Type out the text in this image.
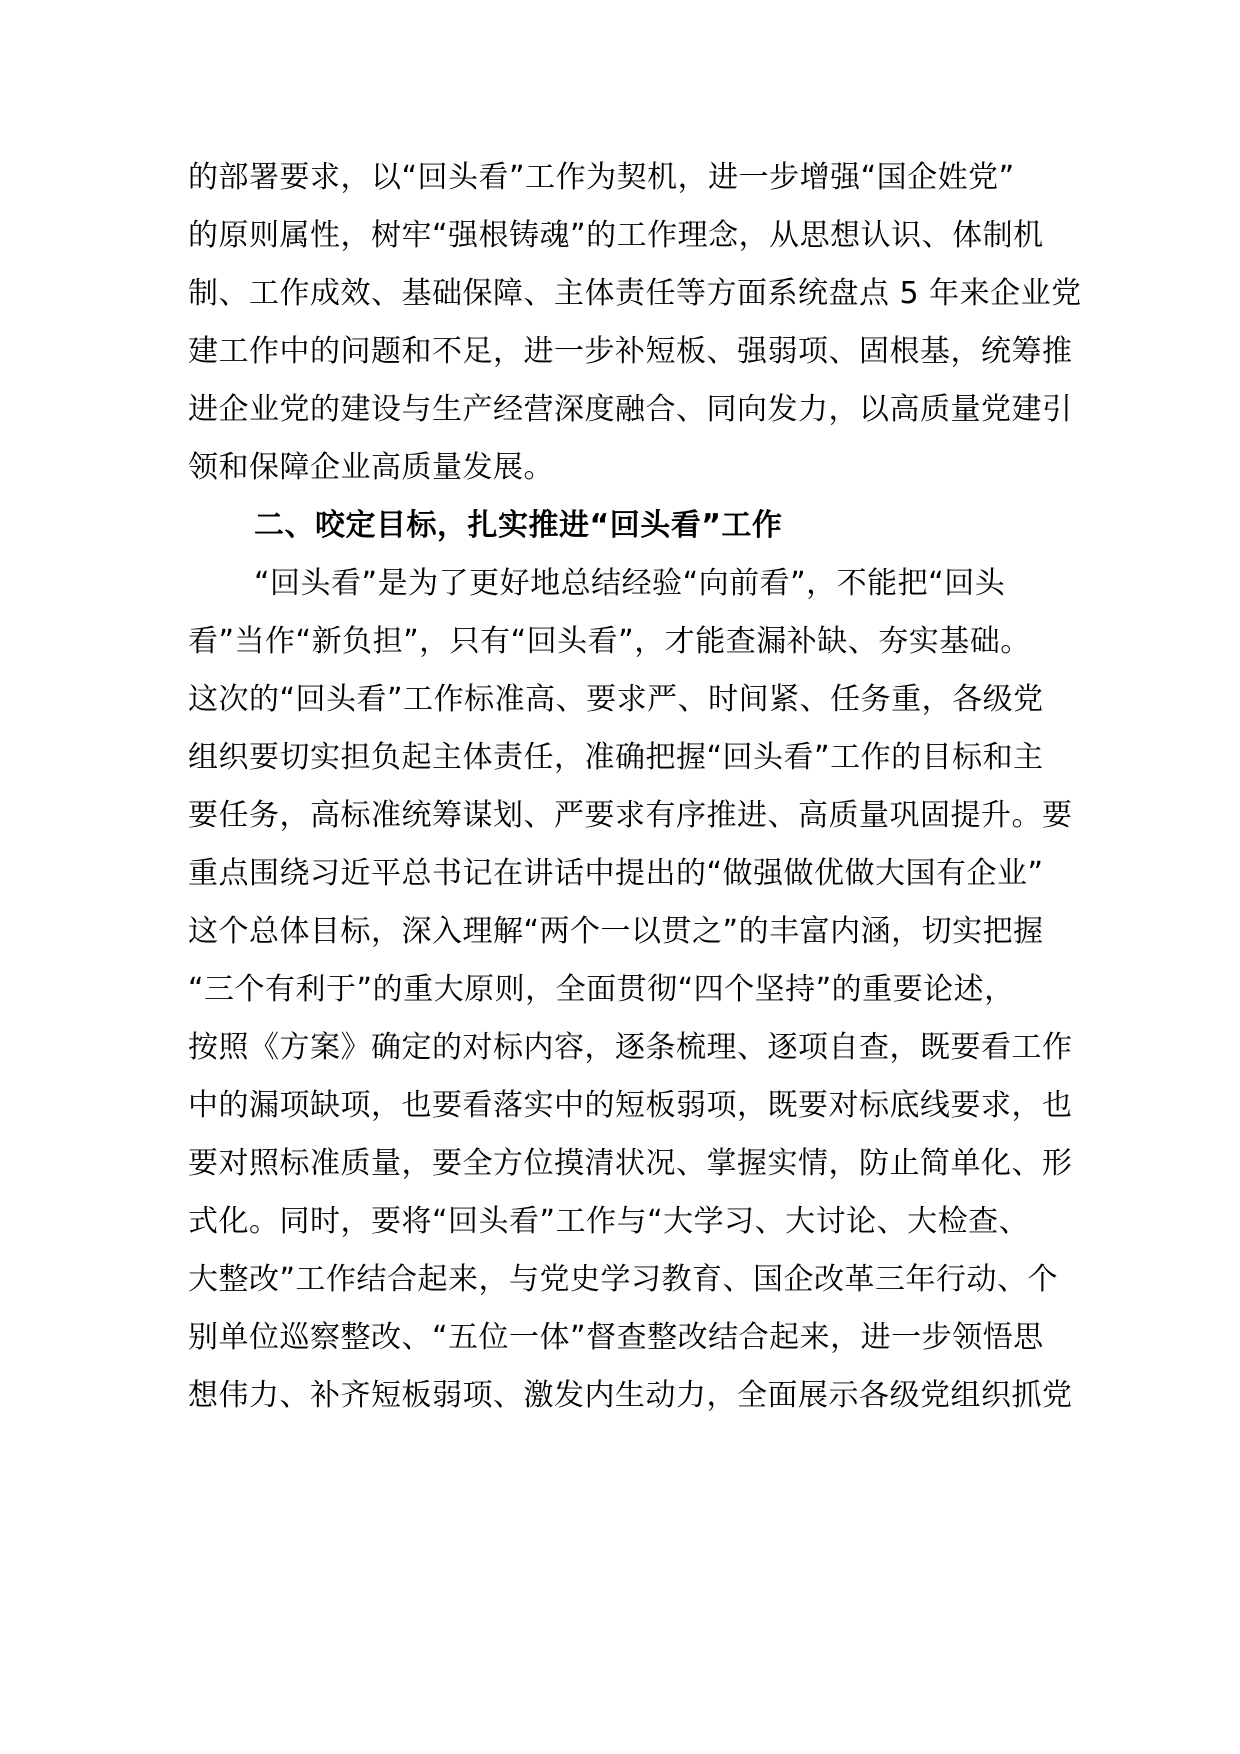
的部署要求，以“回头看”工作为契机，进一步增强“国企姓党”
的原则属性，树牢“强根铸魂”的工作理念，从思想认识、体制机
制、工作成效、基础保障、主体责任等方面系统盘点 5 年来企业党
建工作中的问题和不足，进一步补短板、强弱项、固根基，统筹推
进企业党的建设与生产经营深度融合、同向发力，以高质量党建引
领和保障企业高质量发展。
二、咬定目标，扎实推进“回头看”工作
“回头看”是为了更好地总结经验“向前看”，不能把“回头
看”当作“新负担”，只有“回头看”，才能查漏补缺、夯实基础。
这次的“回头看”工作标准高、要求严、时间紧、任务重，各级党
组织要切实担负起主体责任，准确把握“回头看”工作的目标和主
要任务，高标准统筹谋划、严要求有序推进、高质量巩固提升。要
重点围绕习近平总书记在讲话中提出的“做强做优做大国有企业”
这个总体目标，深入理解“两个一以贯之”的丰富内涵，切实把握
“三个有利于”的重大原则，全面贯彻“四个坚持”的重要论述，
按照《方案》确定的对标内容，逐条梳理、逐项自查，既要看工作
中的漏项缺项，也要看落实中的短板弱项，既要对标底线要求，也
要对照标准质量，要全方位摸清状况、掌握实情，防止简单化、形
式化。同时，要将“回头看”工作与“大学习、大讨论、大检查、
大整改”工作结合起来，与党史学习教育、国企改革三年行动、个
别单位巡察整改、“五位一体”督查整改结合起来，进一步领悟思
想伟力、补齐短板弱项、激发内生动力，全面展示各级党组织抓党
